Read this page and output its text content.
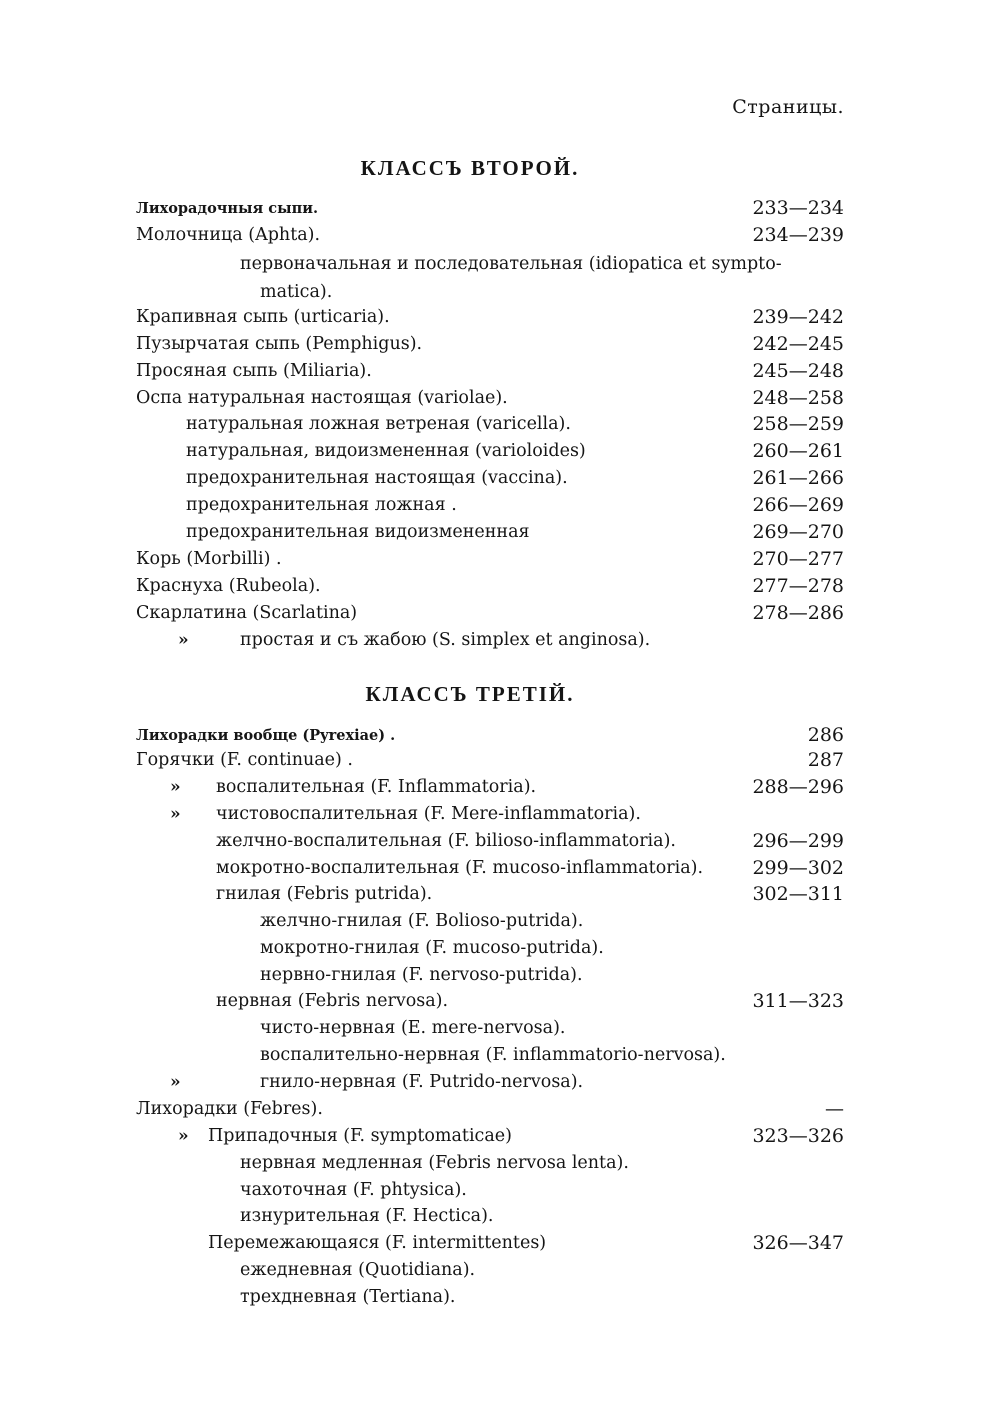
Страницы.
КЛАССЪ ВТОРОЙ.
Лихорадочныя сыпи.	233—234
Молочница (Aphta).	234—239
первоначальная и последовательная (idiopatica et sympto-
matica).
Крапивная сыпь (urticaria).	239—242
Пузырчатая сыпь (Pemphigus).	242—245
Просяная сыпь (Miliaria).	245—248
Оспа натуральная настоящая (variolae).	248—258
натуральная ложная ветреная (varicella).	258—259
натуральная, видоизмененная (varioloides)	260—261
предохранительная настоящая (vaccina).	261—266
предохранительная ложная .	266—269
предохранительная видоизмененная	269—270
Корь (Morbilli) .	270—277
Краснуха (Rubeola).	277—278
Скарлатина (Scarlatina)	278—286
»	простая и съ жабою (S. simplex et anginosa).
КЛАССЪ ТРЕТІЙ.
Лихорадки вообще (Pyrexiae) .	286
Горячки (F. continuae) .	287
» воспалительная (F. Inflammatoria).	288—296
» чистовоспалительная (F. Mere-inflammatoria).
желчно-воспалительная (F. bilioso-inflammatoria).	296—299
мокротно-воспалительная (F. mucoso-inflammatoria).	299—302
гнилая (Febris putrida).	302—311
желчно-гнилая (F. Bolioso-putrida).
мокротно-гнилая (F. mucoso-putrida).
нервно-гнилая (F. nervoso-putrida).
нервная (Febris nervosa).	311—323
чисто-нервная (E. mere-nervosa).
воспалительно-нервная (F. inflammatorio-nervosa).
»	гнило-нервная (F. Putrido-nervosa).
Лихорадки (Febres).	—
» Припадочныя (F. symptomaticae)	323—326
нервная медленная (Febris nervosa lenta).
чахоточная (F. phtysica).
изнурительная (F. Hectica).
Перемежающаяся (F. intermittentes)	326—347
ежедневная (Quotidiana).
трехдневная (Tertiana).
